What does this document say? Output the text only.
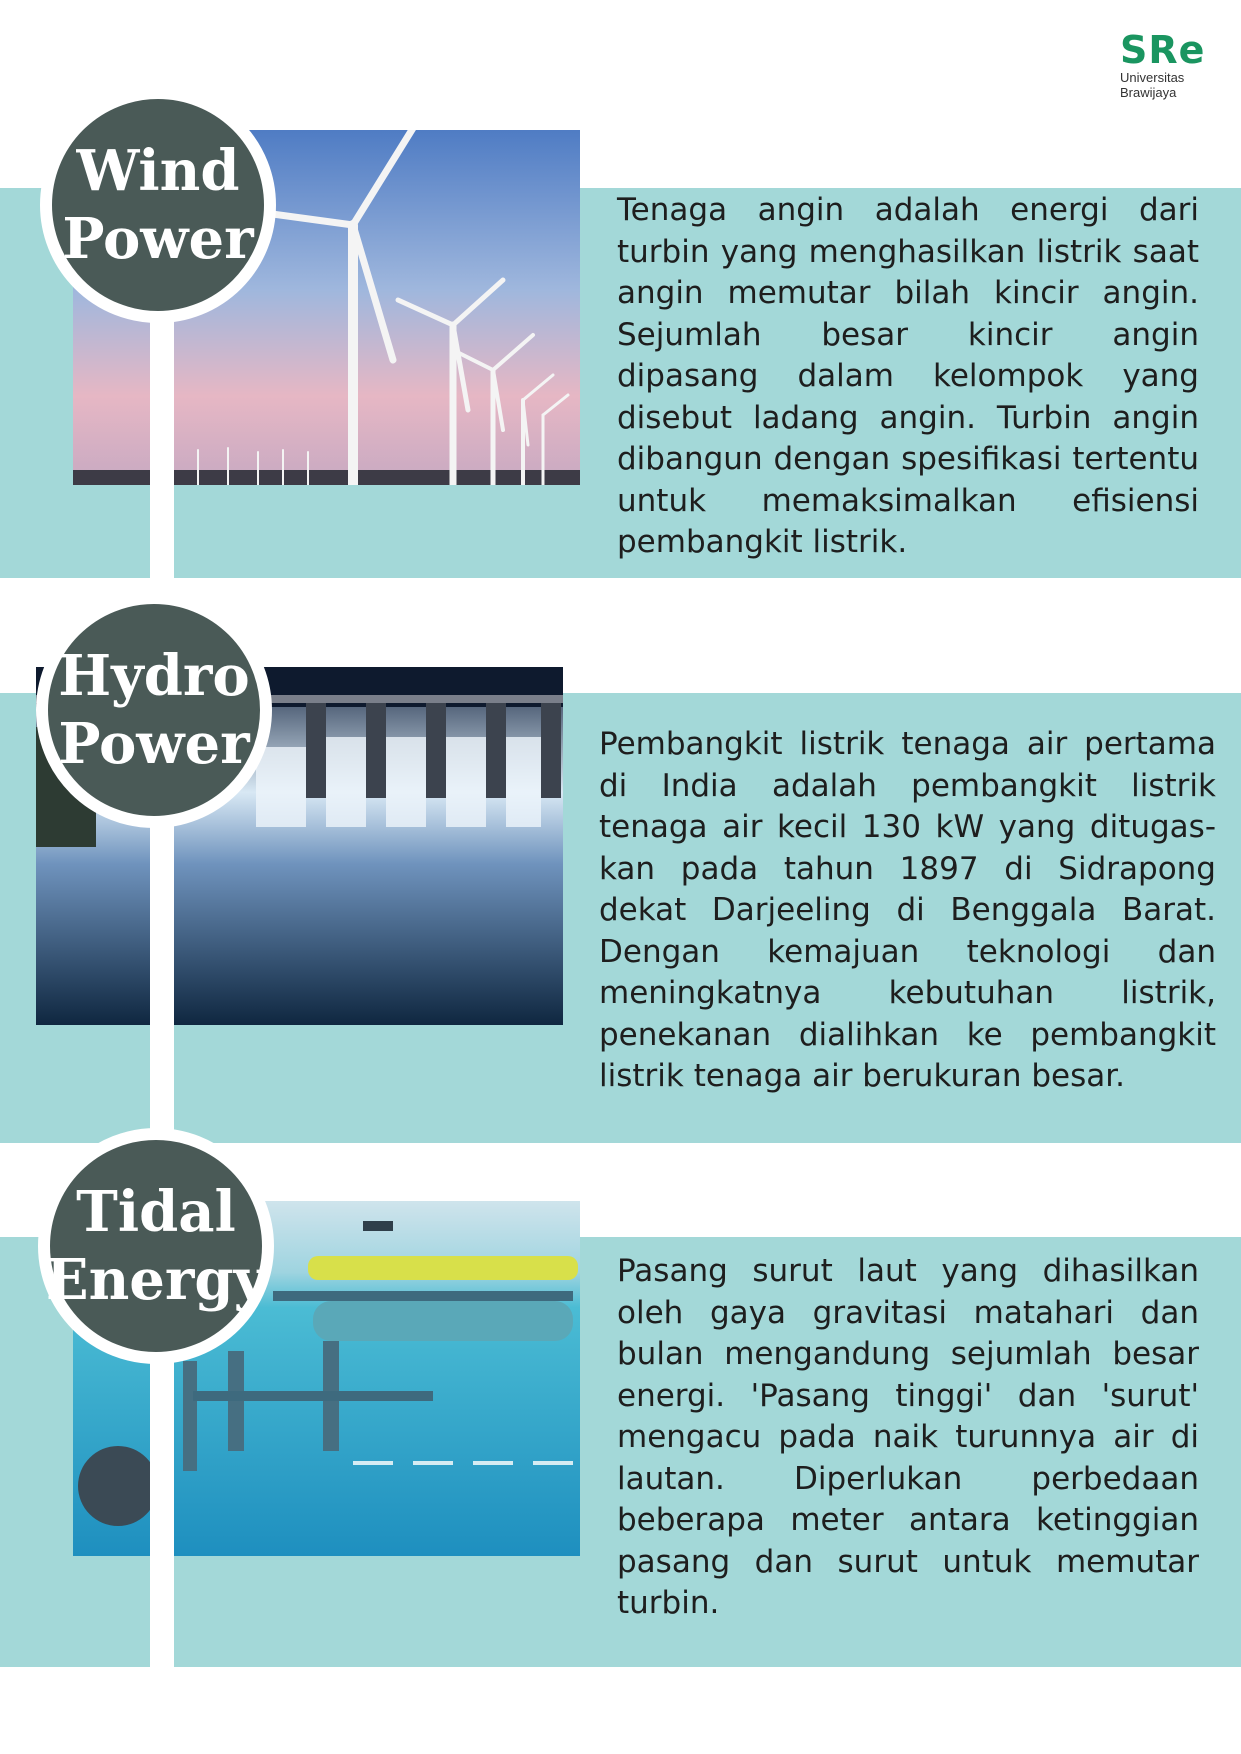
SRe
Universitas
Brawijaya
Wind
Power
Hydro
Power
Tidal
Energy

Tenaga angin adalah energi dari turbin yang menghasilkan listrik saat angin memutar bilah kincir angin. Sejumlah besar kincir angin dipasang dalam kelompok yang disebut ladang angin. Turbin angin dibangun dengan spesifikasi tertentu untuk memaksimalkan efisiensi pembangkit listrik.

Pembangkit listrik tenaga air pertama di India adalah pembangkit listrik tenaga air kecil 130 kW yang ditugaskan pada tahun 1897 di Sidrapong dekat Darjeeling di Benggala Barat. Dengan kemajuan teknologi dan meningkatnya kebutuhan listrik, penekanan dialihkan ke pembangkit listrik tenaga air berukuran besar.

Pasang surut laut yang dihasilkan oleh gaya gravitasi matahari dan bulan mengandung sejumlah besar energi. 'Pasang tinggi' dan 'surut' mengacu pada naik turunnya air di lautan. Diperlukan perbedaan beberapa meter antara ketinggian pasang dan surut untuk memutar turbin.
